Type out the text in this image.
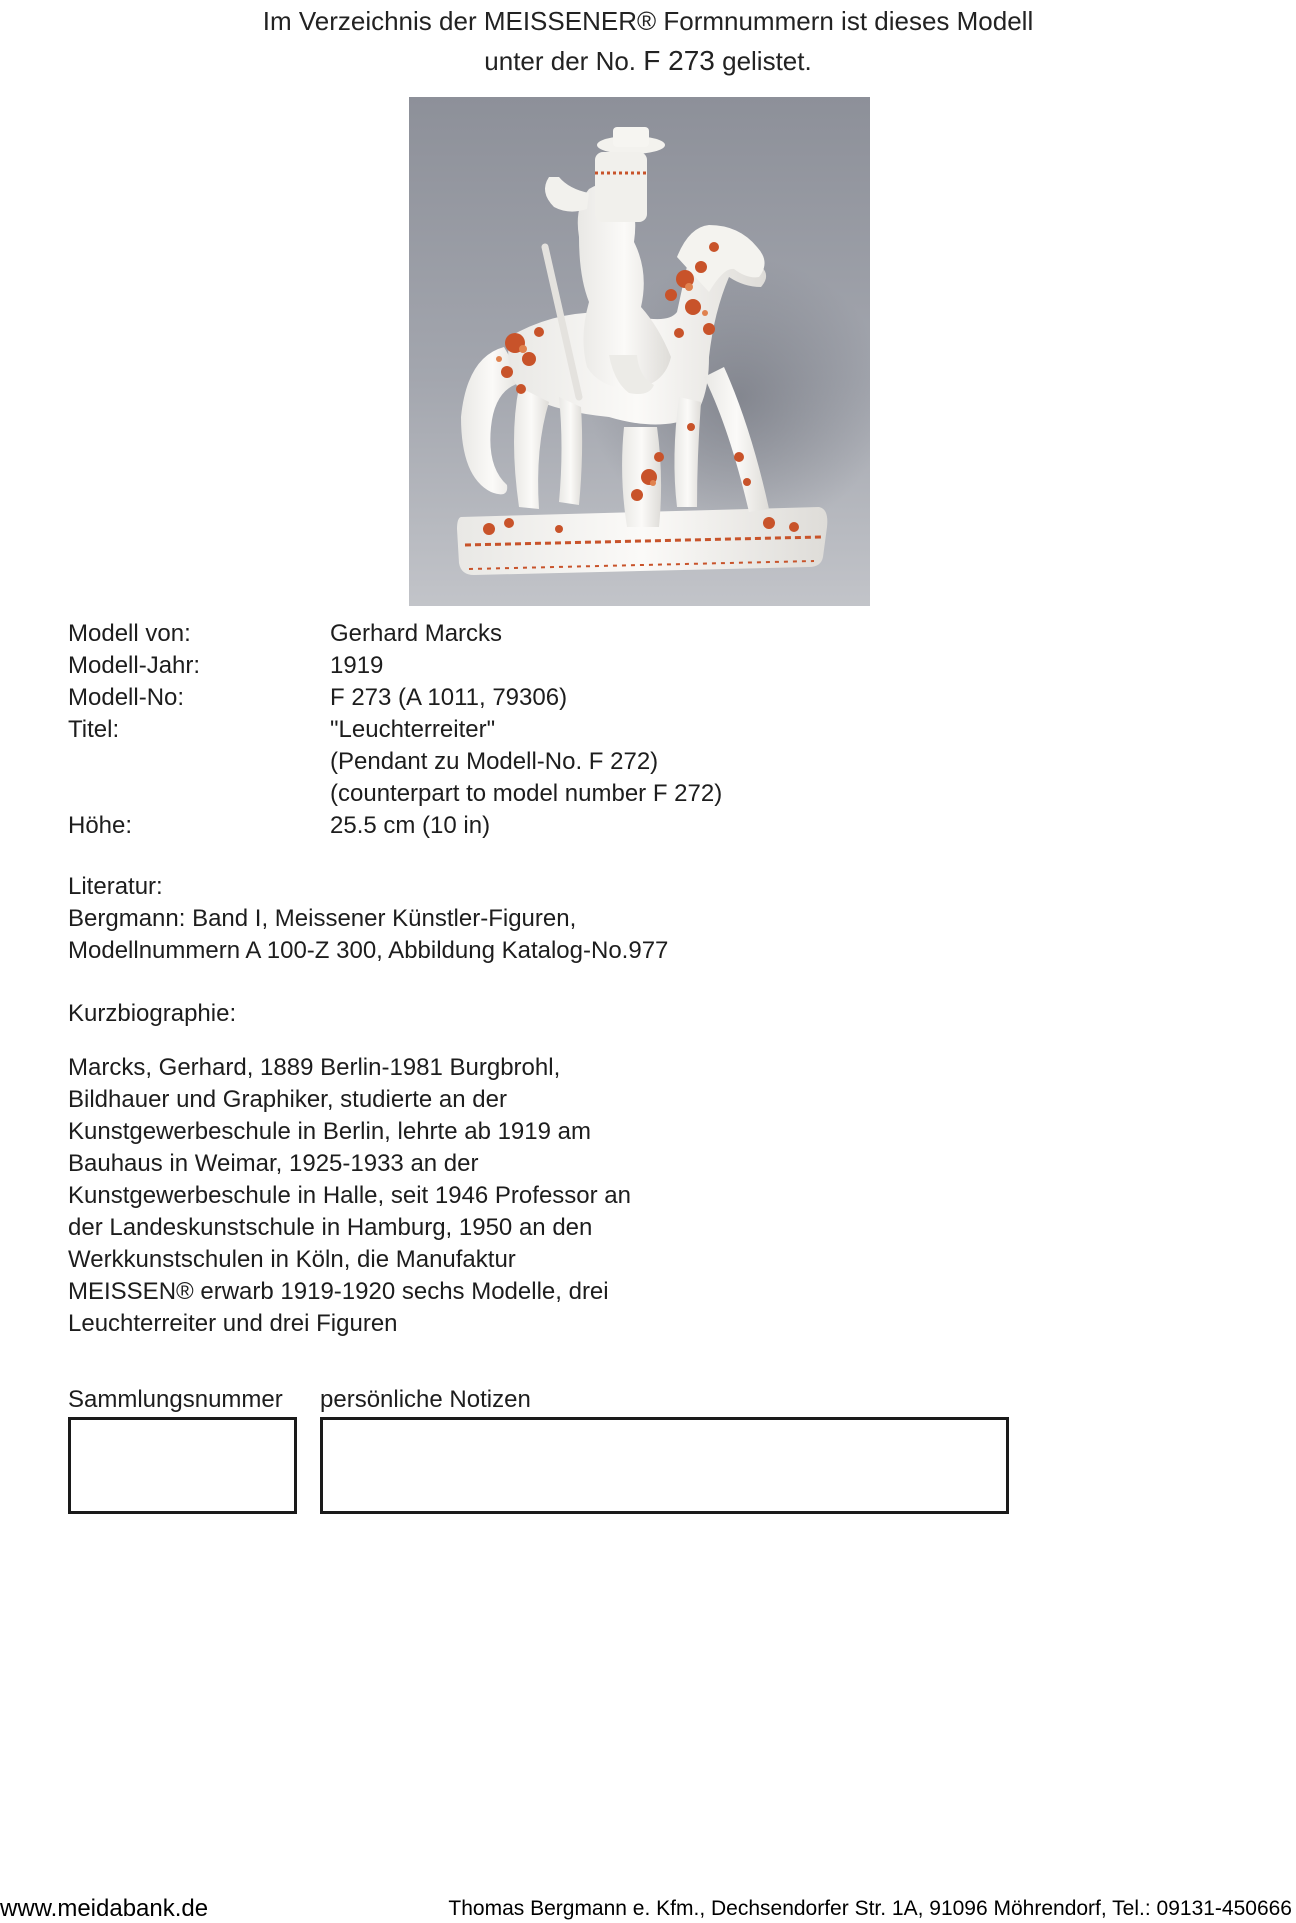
Im Verzeichnis der MEISSENER® Formnummern ist dieses Modell
unter der No. F 273 gelistet.
Modell von:	Gerhard Marcks
Modell-Jahr:	1919
Modell-No:	F 273 (A 1011, 79306)
Titel:	"Leuchterreiter"
(Pendant zu Modell-No. F 272)
(counterpart to model number F 272)
Höhe:	25.5 cm (10 in)
Literatur:
Bergmann: Band I, Meissener Künstler-Figuren,
Modellnummern A 100-Z 300, Abbildung Katalog-No.977
Kurzbiographie:
Marcks, Gerhard, 1889 Berlin-1981 Burgbrohl,
Bildhauer und Graphiker, studierte an der
Kunstgewerbeschule in Berlin, lehrte ab 1919 am
Bauhaus in Weimar, 1925-1933 an der
Kunstgewerbeschule in Halle, seit 1946 Professor an
der Landeskunstschule in Hamburg, 1950 an den
Werkkunstschulen in Köln, die Manufaktur
MEISSEN® erwarb 1919-1920 sechs Modelle, drei
Leuchterreiter und drei Figuren
Sammlungsnummer persönliche Notizen
www.meidabank.de	Thomas Bergmann e. Kfm., Dechsendorfer Str. 1A, 91096 Möhrendorf, Tel.: 09131-450666
